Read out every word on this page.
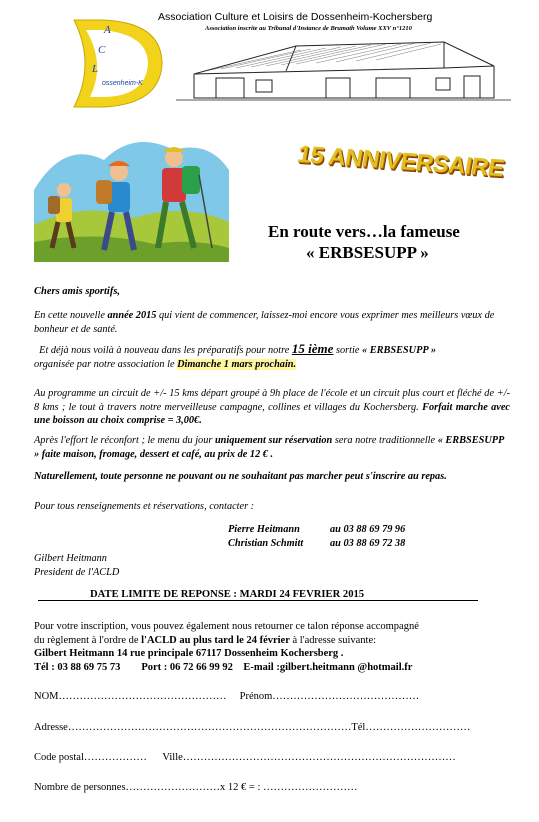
A
C
L
ossenheim-K
Association Culture et Loisirs de Dossenheim-Kochersberg
Association inscrite au Tribunal d'Instance de Brumath Volume XXV n°1210
15 ANNIVERSAIRE
En route vers…la fameuse
« ERBSESUPP »
Chers amis sportifs,
En cette nouvelle année 2015 qui vient de commencer, laissez-moi encore vous exprimer mes meilleurs vœux de bonheur et de santé.
Et déjà nous voilà à nouveau dans les préparatifs pour notre 15 ième sortie « ERBSESUPP »
organisée par notre association le Dimanche 1 mars prochain.
Au programme un circuit de +/- 15 kms départ groupé à 9h place de l'école et un circuit plus court et fléché de +/- 8 kms ; le tout à travers notre merveilleuse campagne, collines et villages du Kochersberg. Forfait marche avec une boisson au choix comprise = 3,00€.
Après l'effort le réconfort ; le menu du jour uniquement sur réservation sera notre traditionnelle « ERBSESUPP » faite maison, fromage, dessert et café, au prix de 12 € .
Naturellement, toute personne ne pouvant ou ne souhaitant pas marcher peut s'inscrire au repas.
Pour tous renseignements et réservations, contacter :
Pierre Heitmann	au 03 88 69 79 96
Christian Schmitt	au 03 88 69 72 38
Gilbert Heitmann
President de l'ACLD
DATE LIMITE DE REPONSE : MARDI 24 FEVRIER 2015
Pour votre inscription, vous pouvez également nous retourner ce talon réponse accompagné
du règlement à l'ordre de l'ACLD au plus tard le 24 février à l'adresse suivante:
Gilbert Heitmann 14 rue principale 67117 Dossenheim Kochersberg .
Tél : 03 88 69 75 73        Port : 06 72 66 99 92    E-mail :gilbert.heitmann @hotmail.fr
NOM…………………………………………     Prénom……………………………………
Adresse………………………………………………………………………Tél…………………………
Code postal………………      Ville……………………………………………………………………
Nombre de personnes………………………x 12 € = : ………………………
